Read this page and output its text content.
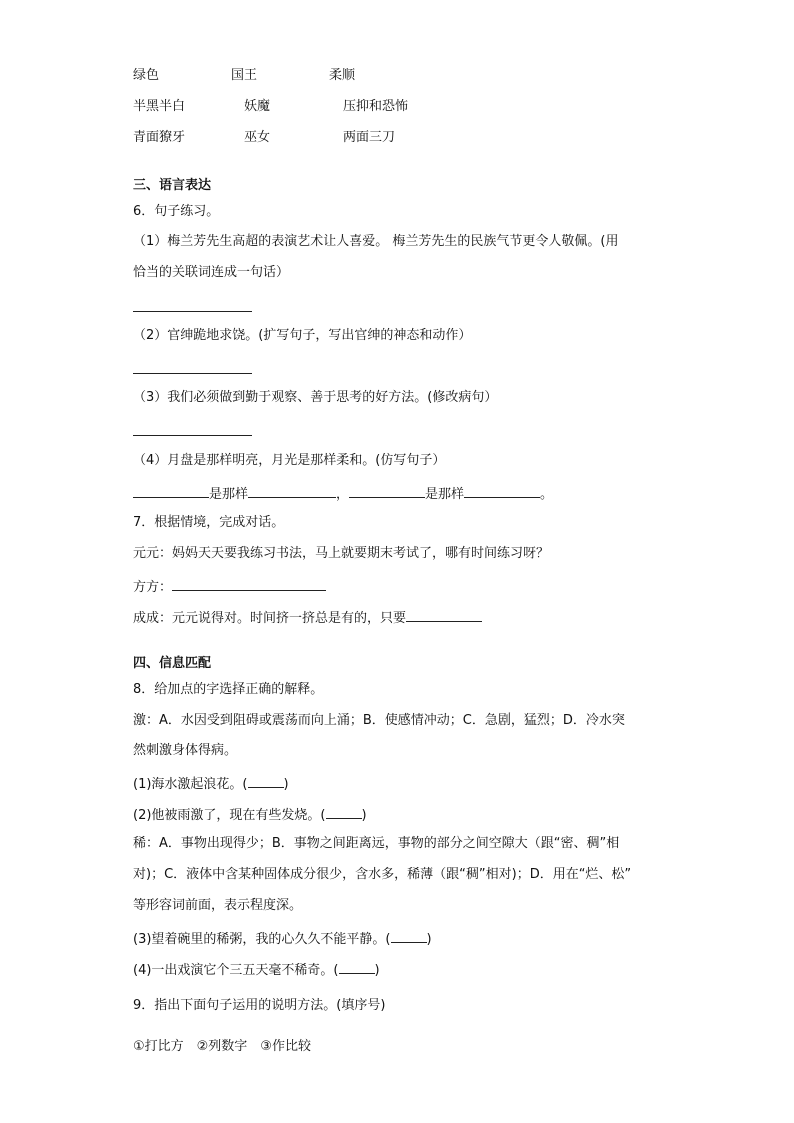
绿色	国王	柔顺
半黑半白	妖魔	压抑和恐怖
青面獠牙	巫女	两面三刀
三、语言表达
6．句子练习。
（1）梅兰芳先生高超的表演艺术让人喜爱。 梅兰芳先生的民族气节更令人敬佩。(用
恰当的关联词连成一句话）
（2）官绅跪地求饶。(扩写句子，写出官绅的神态和动作）
（3）我们必须做到勤于观察、善于思考的好方法。(修改病句）
（4）月盘是那样明亮，月光是那样柔和。(仿写句子）
是那样	，	是那样	。
7．根据情境，完成对话。
元元：妈妈天天要我练习书法，马上就要期末考试了，哪有时间练习呀？
方方：
成成：元元说得对。时间挤一挤总是有的，只要
四、信息匹配
8．给加点的字选择正确的解释。
激：A．水因受到阻碍或震荡而向上涌；B．使感情冲动；C．急剧，猛烈；D．冷水突
然刺激身体得病。
(1)海水激起浪花。(	)
(2)他被雨激了，现在有些发烧。(	)
稀：A．事物出现得少；B．事物之间距离远，事物的部分之间空隙大（跟“密、稠”相
对)；C．液体中含某种固体成分很少，含水多，稀薄（跟“稠”相对)；D．用在“烂、松”
等形容词前面，表示程度深。
(3)望着碗里的稀粥，我的心久久不能平静。(	)
(4)一出戏演它个三五天毫不稀奇。(	)
9．指出下面句子运用的说明方法。(填序号)
①打比方　②列数字　③作比较
